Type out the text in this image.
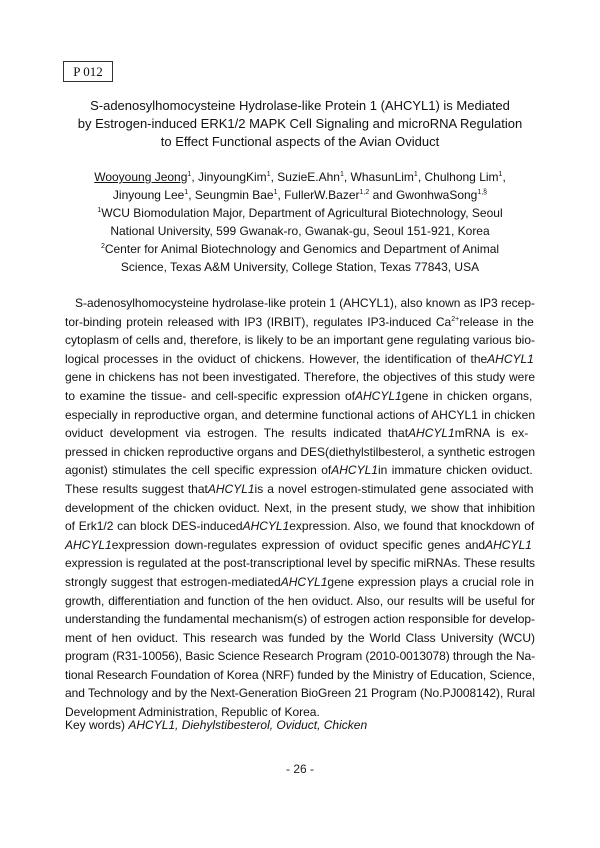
P 012
S-adenosylhomocysteine Hydrolase-like Protein 1 (AHCYL1) is Mediated
by Estrogen-induced ERK1/2 MAPK Cell Signaling and microRNA Regulation
to Effect Functional aspects of the Avian Oviduct
Wooyoung Jeong$^1$, JinyoungKim$^1$, SuzieE.Ahn$^1$, WhasunLim$^1$, Chulhong Lim$^1$,
Jinyoung Lee$^1$, Seungmin Bae$^1$, FullerW.Bazer$^{1,2}$ and GwonhwaSong$^{1,\S}$
$^1$WCU Biomodulation Major, Department of Agricultural Biotechnology, Seoul
National University, 599 Gwanak-ro, Gwanak-gu, Seoul 151-921, Korea
$^2$Center for Animal Biotechnology and Genomics and Department of Animal
Science, Texas A&M University, College Station, Texas 77843, USA
S-adenosylhomocysteine hydrolase-like protein 1 (AHCYL1), also known as IP3 recep-
tor-binding protein released with IP3 (IRBIT), regulates IP3-induced $Ca^{2+}release$ in the
cytoplasm of cells and, therefore, is likely to be an important gene regulating various bio-
logical processes in the oviduct of chickens. However, the identification of theAHCYL1
gene in chickens has not been investigated. Therefore, the objectives of this study were
to examine the tissue- and cell-specific expression ofAHCYL1gene in chicken organs,
especially in reproductive organ, and determine functional actions of AHCYL1 in chicken
oviduct development via estrogen. The results indicated thatAHCYL1mRNA is ex-
pressed in chicken reproductive organs and DES(diethylstilbesterol, a synthetic estrogen
agonist) stimulates the cell specific expression ofAHCYL1in immature chicken oviduct.
These results suggest thatAHCYL1is a novel estrogen-stimulated gene associated with
development of the chicken oviduct. Next, in the present study, we show that inhibition
of Erk1/2 can block DES-inducedAHCYL1expression. Also, we found that knockdown of
AHCYL1expression down-regulates expression of oviduct specific genes andAHCYL1
expression is regulated at the post-transcriptional level by specific miRNAs. These results
strongly suggest that estrogen-mediatedAHCYL1gene expression plays a crucial role in
growth, differentiation and function of the hen oviduct. Also, our results will be useful for
understanding the fundamental mechanism(s) of estrogen action responsible for develop-
ment of hen oviduct. This research was funded by the World Class University (WCU)
program (R31-10056), Basic Science Research Program (2010-0013078) through the Na-
tional Research Foundation of Korea (NRF) funded by the Ministry of Education, Science,
and Technology and by the Next-Generation BioGreen 21 Program (No.PJ008142), Rural
Development Administration, Republic of Korea.
Key words) AHCYL1, Diehylstibesterol, Oviduct, Chicken
- 26 -
